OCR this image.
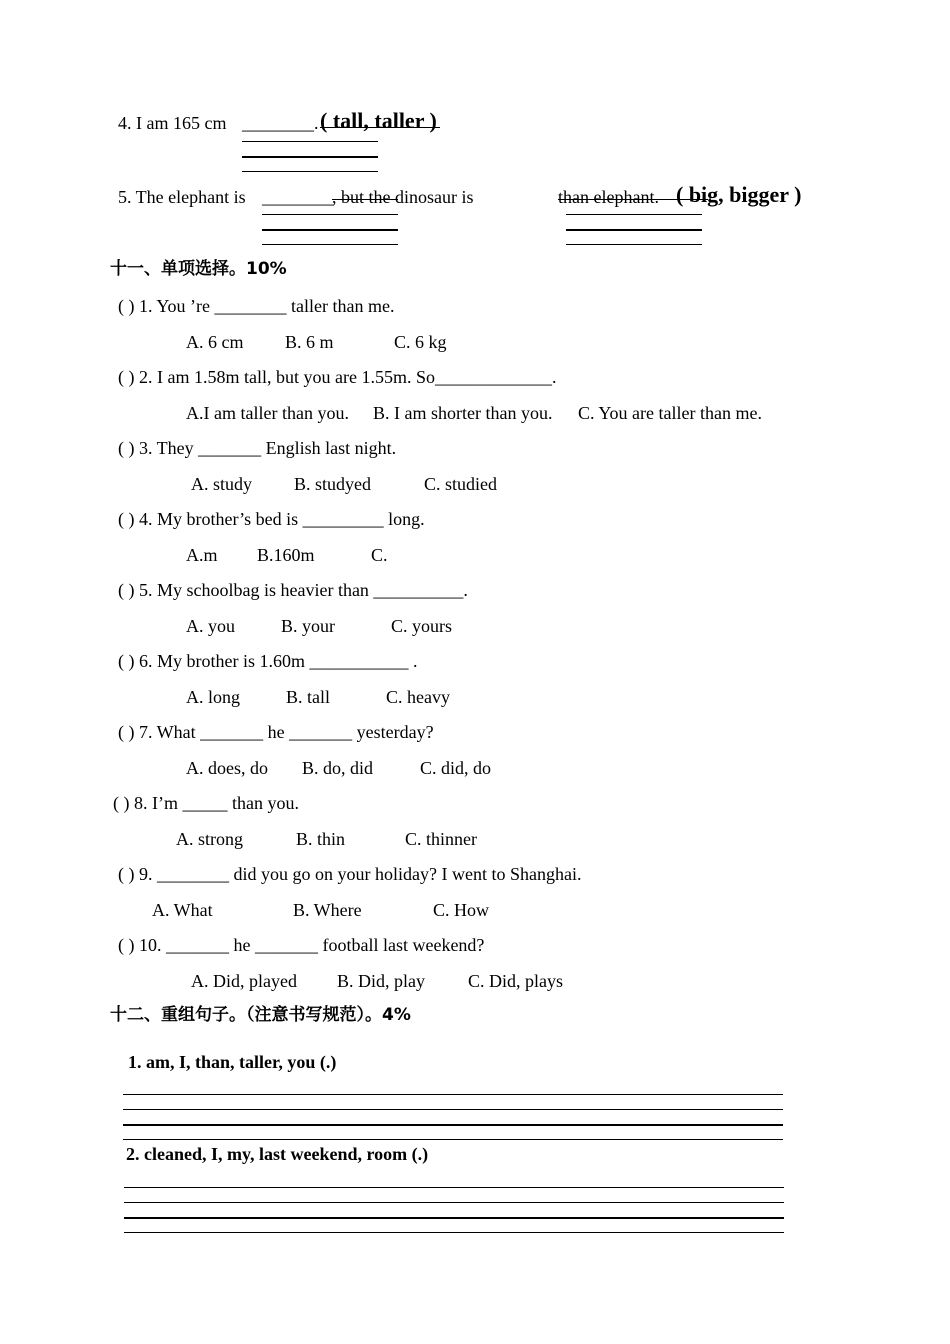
4. I am 165 cm ________. ( tall, taller )
5. The elephant is ________
, but the dinosaur is	than elephant. ( big, bigger )
十一、单项选择。10%
( ) 1. You ’re ________ taller than me.
A. 6 cm B. 6 m	C. 6 kg
( ) 2. I am 1.58m tall, but you are 1.55m. So_____________.
A.I am taller than you. B. I am shorter than you. C. You are taller than me.
( ) 3. They _______ English last night.
A. study B. studyed	C. studied
( ) 4. My brother’s bed is _________ long.
A.m B.160m	C.
( ) 5. My schoolbag is heavier than __________.
A. you	B. your	C. yours
( ) 6. My brother is 1.60m ___________ .
A. long	B. tall	C. heavy
( ) 7. What _______ he _______ yesterday?
A. does, do B. do, did	C. did, do
( ) 8. I’m _____ than you.
A. strong	B. thin	C. thinner
( ) 9. ________ did you go on your holiday? I went to Shanghai.
A. What	B. Where	C. How
( ) 10. _______ he _______ football last weekend?
A. Did, played B. Did, play C. Did, plays
十二、重组句子。（注意书写规范）。4%
1. am, I, than, taller, you (.)
2. cleaned, I, my, last weekend, room (.)
